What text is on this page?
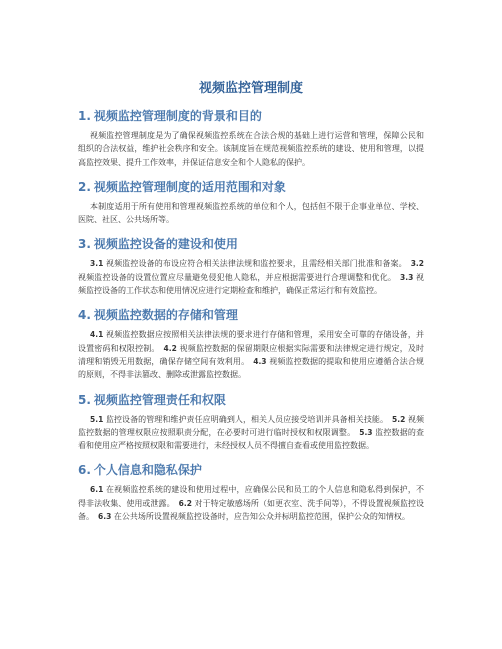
视频监控管理制度
1. 视频监控管理制度的背景和目的

视频监控管理制度是为了确保视频监控系统在合法合规的基础上进行运营和管理，保障公民和组织的合法权益，维护社会秩序和安全。该制度旨在规范视频监控系统的建设、使用和管理，以提高监控效果、提升工作效率，并保证信息安全和个人隐私的保护。

2. 视频监控管理制度的适用范围和对象

本制度适用于所有使用和管理视频监控系统的单位和个人，包括但不限于企事业单位、学校、医院、社区、公共场所等。

3. 视频监控设备的建设和使用

3.1 视频监控设备的布设应符合相关法律法规和监控要求，且需经相关部门批准和备案。 3.2 视频监控设备的设置位置应尽量避免侵犯他人隐私，并应根据需要进行合理调整和优化。 3.3 视频监控设备的工作状态和使用情况应进行定期检查和维护，确保正常运行和有效监控。

4. 视频监控数据的存储和管理

4.1 视频监控数据应按照相关法律法规的要求进行存储和管理，采用安全可靠的存储设备，并设置密码和权限控制。 4.2 视频监控数据的保留期限应根据实际需要和法律规定进行规定，及时清理和销毁无用数据，确保存储空间有效利用。 4.3 视频监控数据的提取和使用应遵循合法合规的原则，不得非法篡改、删除或泄露监控数据。

5. 视频监控管理责任和权限

5.1 监控设备的管理和维护责任应明确到人，相关人员应接受培训并具备相关技能。 5.2 视频监控数据的管理权限应按照职责分配，在必要时可进行临时授权和权限调整。 5.3 监控数据的查看和使用应严格按照权限和需要进行，未经授权人员不得擅自查看或使用监控数据。

6. 个人信息和隐私保护

6.1 在视频监控系统的建设和使用过程中，应确保公民和员工的个人信息和隐私得到保护，不得非法收集、使用或泄露。 6.2 对于特定敏感场所（如更衣室、洗手间等），不得设置视频监控设备。 6.3 在公共场所设置视频监控设备时，应告知公众并标明监控范围，保护公众的知情权。
